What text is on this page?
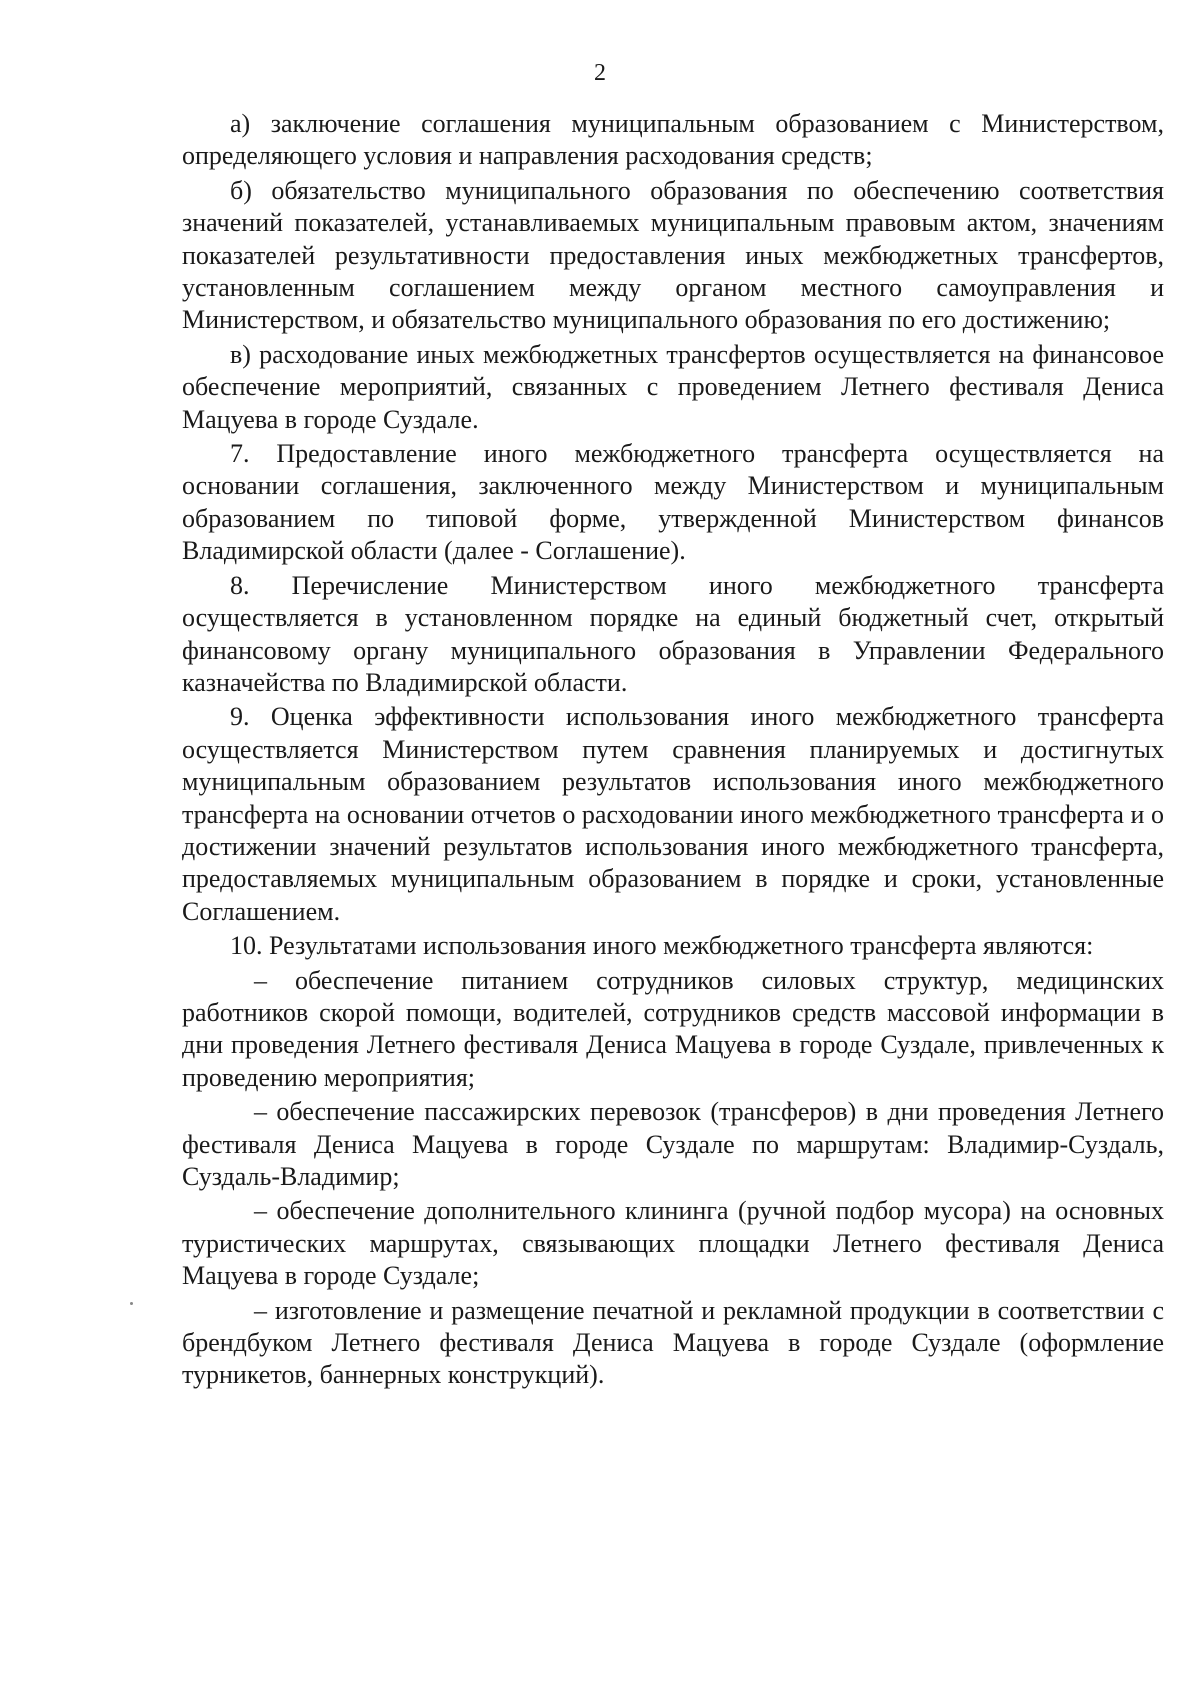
2

а) заключение соглашения муниципальным образованием с Министерством, определяющего условия и направления расходования средств;

б) обязательство муниципального образования по обеспечению соответствия значений показателей, устанавливаемых муниципальным правовым актом, значениям показателей результативности предоставления иных межбюджетных трансфертов, установленным соглашением между органом местного самоуправления и Министерством, и обязательство муниципального образования по его достижению;

в) расходование иных межбюджетных трансфертов осуществляется на финансовое обеспечение мероприятий, связанных с проведением Летнего фестиваля Дениса Мацуева в городе Суздале.

7. Предоставление иного межбюджетного трансферта осуществляется на основании соглашения, заключенного между Министерством и муниципальным образованием по типовой форме, утвержденной Министерством финансов Владимирской области (далее - Соглашение).

8. Перечисление Министерством иного межбюджетного трансферта осуществляется в установленном порядке на единый бюджетный счет, открытый финансовому органу муниципального образования в Управлении Федерального казначейства по Владимирской области.

9. Оценка эффективности использования иного межбюджетного трансферта осуществляется Министерством путем сравнения планируемых и достигнутых муниципальным образованием результатов использования иного межбюджетного трансферта на основании отчетов о расходовании иного межбюджетного трансферта и о достижении значений результатов использования иного межбюджетного трансферта, предоставляемых муниципальным образованием в порядке и сроки, установленные Соглашением.

10. Результатами использования иного межбюджетного трансферта являются:

– обеспечение питанием сотрудников силовых структур, медицинских работников скорой помощи, водителей, сотрудников средств массовой информации в дни проведения Летнего фестиваля Дениса Мацуева в городе Суздале, привлеченных к проведению мероприятия;

– обеспечение пассажирских перевозок (трансферов) в дни проведения Летнего фестиваля Дениса Мацуева в городе Суздале по маршрутам: Владимир-Суздаль, Суздаль-Владимир;

– обеспечение дополнительного клининга (ручной подбор мусора) на основных туристических маршрутах, связывающих площадки Летнего фестиваля Дениса Мацуева в городе Суздале;

– изготовление и размещение печатной и рекламной продукции в соответствии с брендбуком Летнего фестиваля Дениса Мацуева в городе Суздале (оформление турникетов, баннерных конструкций).
